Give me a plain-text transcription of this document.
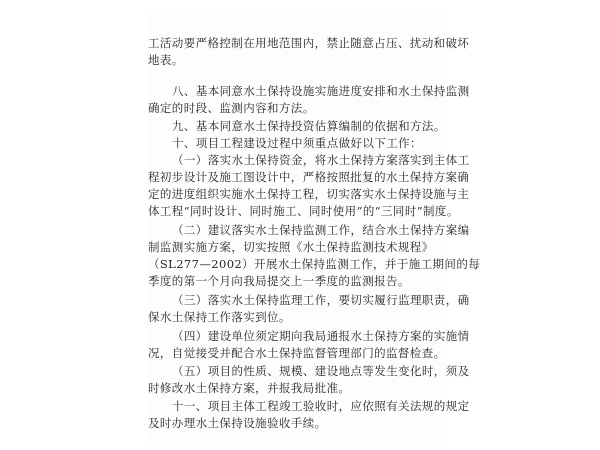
工活动要严格控制在用地范围内，禁止随意占压、扰动和破坏
地表。
八、基本同意水土保持设施实施进度安排和水土保持监测
确定的时段、监测内容和方法。
九、基本同意水土保持投资估算编制的依据和方法。
十、项目工程建设过程中须重点做好以下工作：
（一）落实水土保持资金，将水土保持方案落实到主体工
程初步设计及施工图设计中，严格按照批复的水土保持方案确
定的进度组织实施水土保持工程，切实落实水土保持设施与主
体工程“同时设计、同时施工、同时使用”的“三同时”制度。
（二）建议落实水土保持监测工作，结合水土保持方案编
制监测实施方案，切实按照《水土保持监测技术规程》
（SL277—2002）开展水土保持监测工作，并于施工期间的每
季度的第一个月向我局提交上一季度的监测报告。
（三）落实水土保持监理工作，要切实履行监理职责，确
保水土保持工作落实到位。
（四）建设单位须定期向我局通报水土保持方案的实施情
况，自觉接受并配合水土保持监督管理部门的监督检查。
（五）项目的性质、规模、建设地点等发生变化时，须及
时修改水土保持方案，并报我局批准。
十一、项目主体工程竣工验收时，应依照有关法规的规定
及时办理水土保持设施验收手续。
